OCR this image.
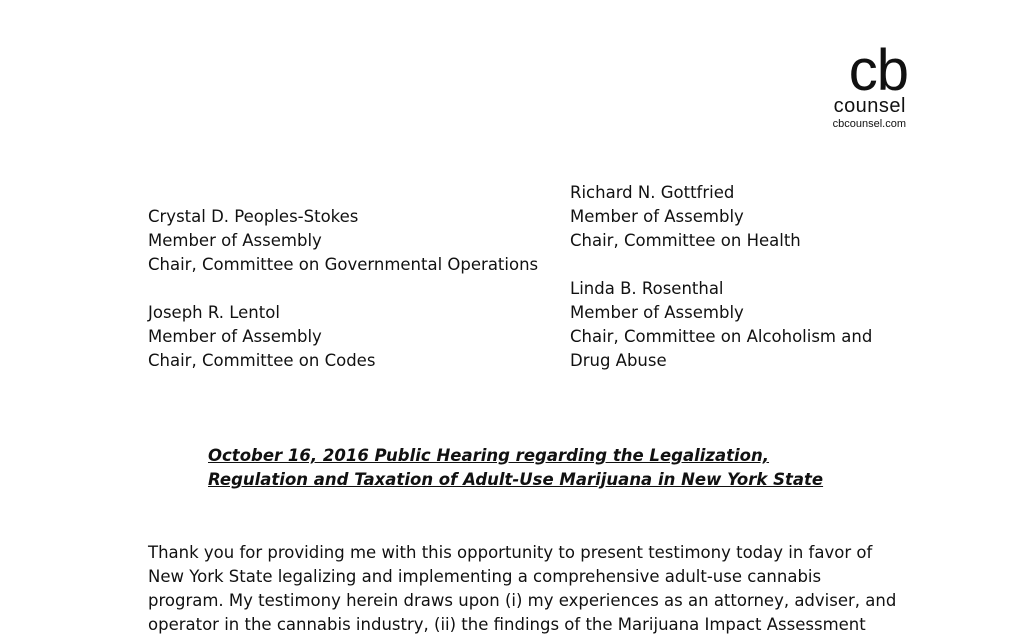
cb
counsel
cbcounsel.com
Crystal D. Peoples-Stokes
Member of Assembly
Chair, Committee on Governmental Operations
Joseph R. Lentol
Member of Assembly
Chair, Committee on Codes
Richard N. Gottfried
Member of Assembly
Chair, Committee on Health
Linda B. Rosenthal
Member of Assembly
Chair, Committee on Alcoholism and
Drug Abuse
October 16, 2016 Public Hearing regarding the Legalization,
Regulation and Taxation of Adult-Use Marijuana in New York State
Thank you for providing me with this opportunity to present testimony today in favor of
New York State legalizing and implementing a comprehensive adult-use cannabis
program. My testimony herein draws upon (i) my experiences as an attorney, adviser, and
operator in the cannabis industry, (ii) the findings of the Marijuana Impact Assessment
